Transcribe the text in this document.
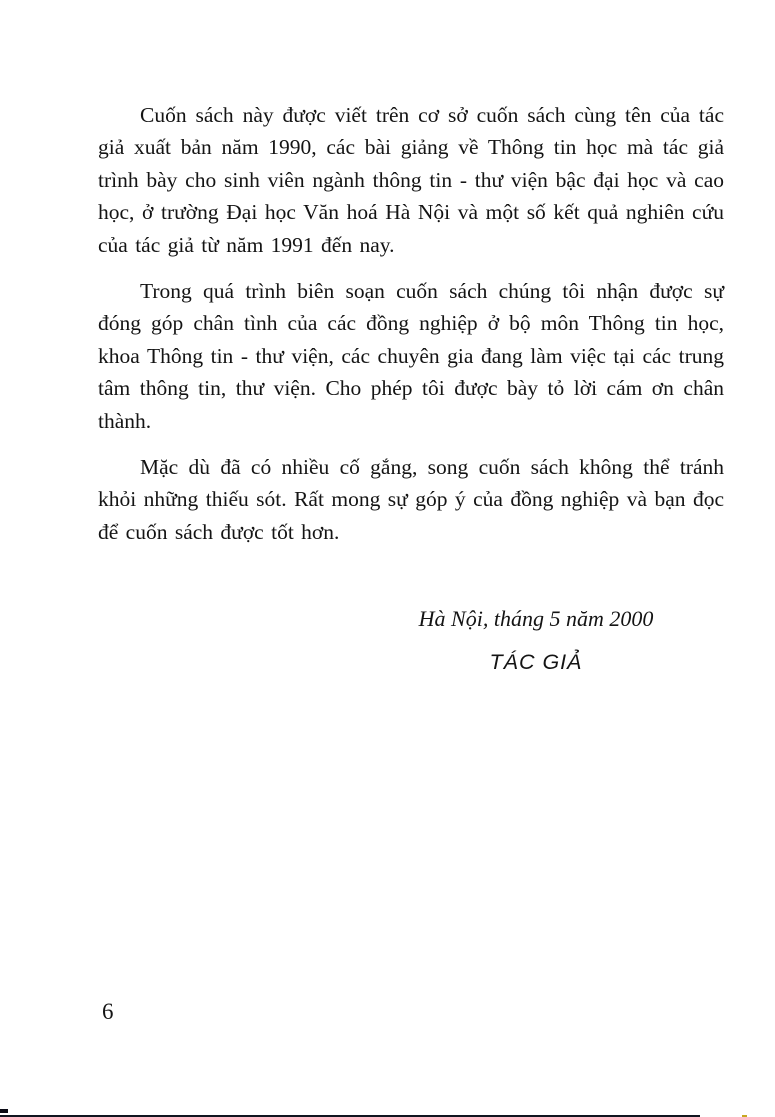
Cuốn sách này được viết trên cơ sở cuốn sách cùng tên của tác giả xuất bản năm 1990, các bài giảng về Thông tin học mà tác giả trình bày cho sinh viên ngành thông tin - thư viện bậc đại học và cao học, ở trường Đại học Văn hoá Hà Nội và một số kết quả nghiên cứu của tác giả từ năm 1991 đến nay.

Trong quá trình biên soạn cuốn sách chúng tôi nhận được sự đóng góp chân tình của các đồng nghiệp ở bộ môn Thông tin học, khoa Thông tin - thư viện, các chuyên gia đang làm việc tại các trung tâm thông tin, thư viện. Cho phép tôi được bày tỏ lời cám ơn chân thành.

Mặc dù đã có nhiều cố gắng, song cuốn sách không thể tránh khỏi những thiếu sót. Rất mong sự góp ý của đồng nghiệp và bạn đọc để cuốn sách được tốt hơn.

Hà Nội, tháng 5 năm 2000
TÁC GIẢ
6
